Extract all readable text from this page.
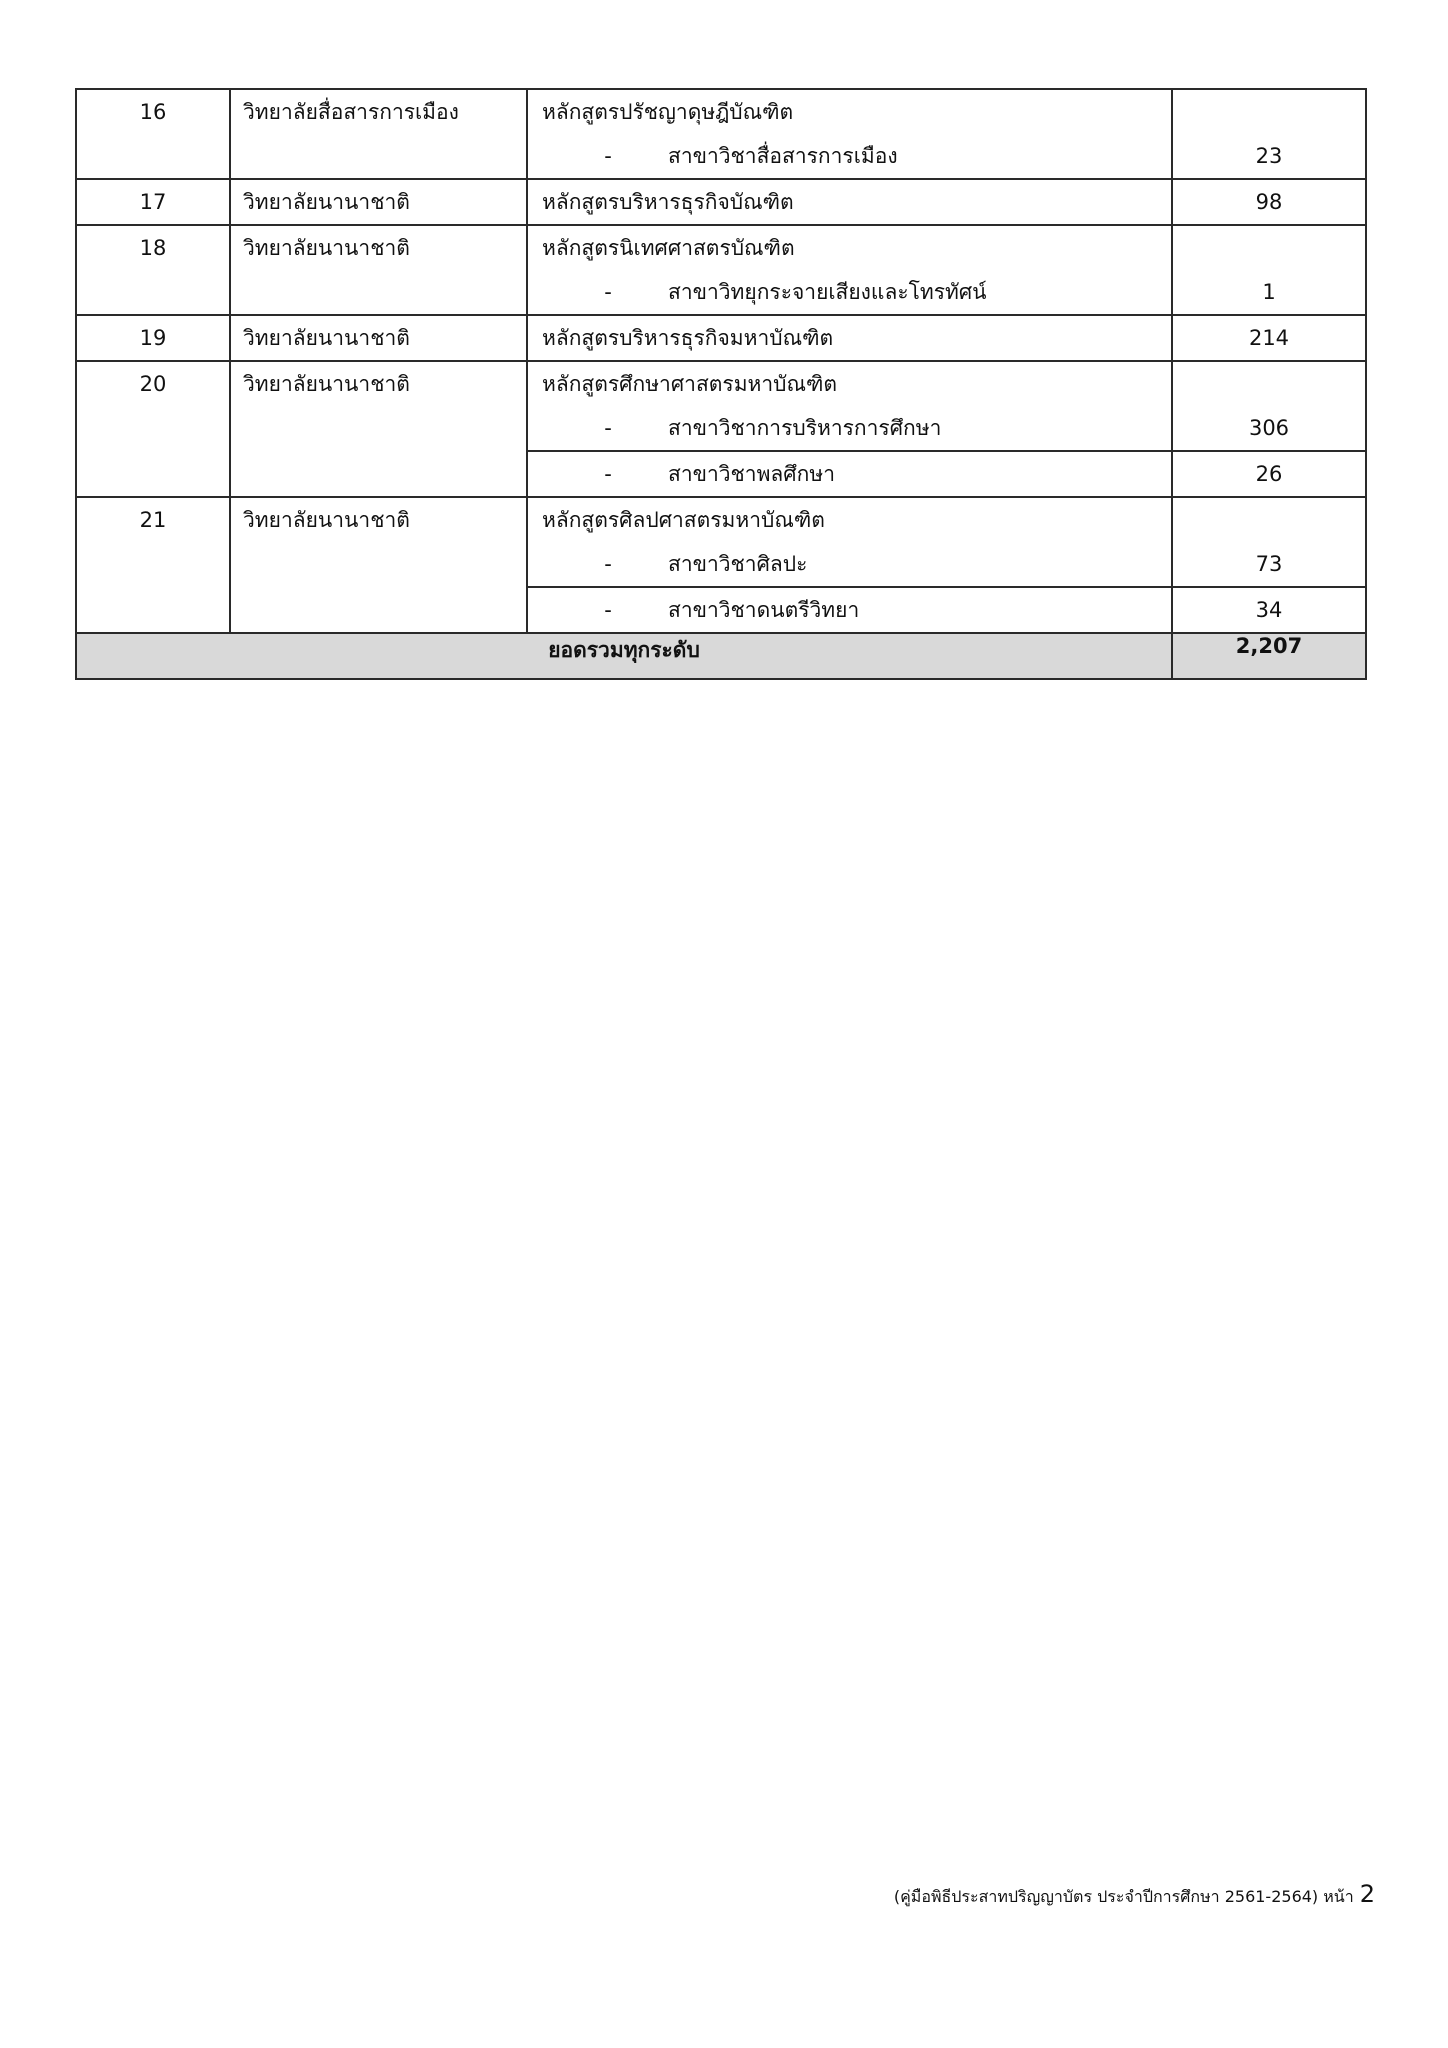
16	วิทยาลัยสื่อสารการเมือง	หลักสูตรปรัชญาดุษฎีบัณฑิต
- สาขาวิชาสื่อสารการเมือง	23

17	วิทยาลัยนานาชาติ	หลักสูตรบริหารธุรกิจบัณฑิต	98

18	วิทยาลัยนานาชาติ	หลักสูตรนิเทศศาสตรบัณฑิต
- สาขาวิทยุกระจายเสียงและโทรทัศน์	1

19	วิทยาลัยนานาชาติ	หลักสูตรบริหารธุรกิจมหาบัณฑิต	214

20	วิทยาลัยนานาชาติ	หลักสูตรศึกษาศาสตรมหาบัณฑิต
- สาขาวิชาการบริหารการศึกษา	306

		- สาขาวิชาพลศึกษา	26

21	วิทยาลัยนานาชาติ	หลักสูตรศิลปศาสตรมหาบัณฑิต
- สาขาวิชาศิลปะ	73

		- สาขาวิชาดนตรีวิทยา	34

ยอดรวมทุกระดับ			2,207
(คู่มือพิธีประสาทปริญญาบัตร ประจำปีการศึกษา 2561-2564) หน้า 2
